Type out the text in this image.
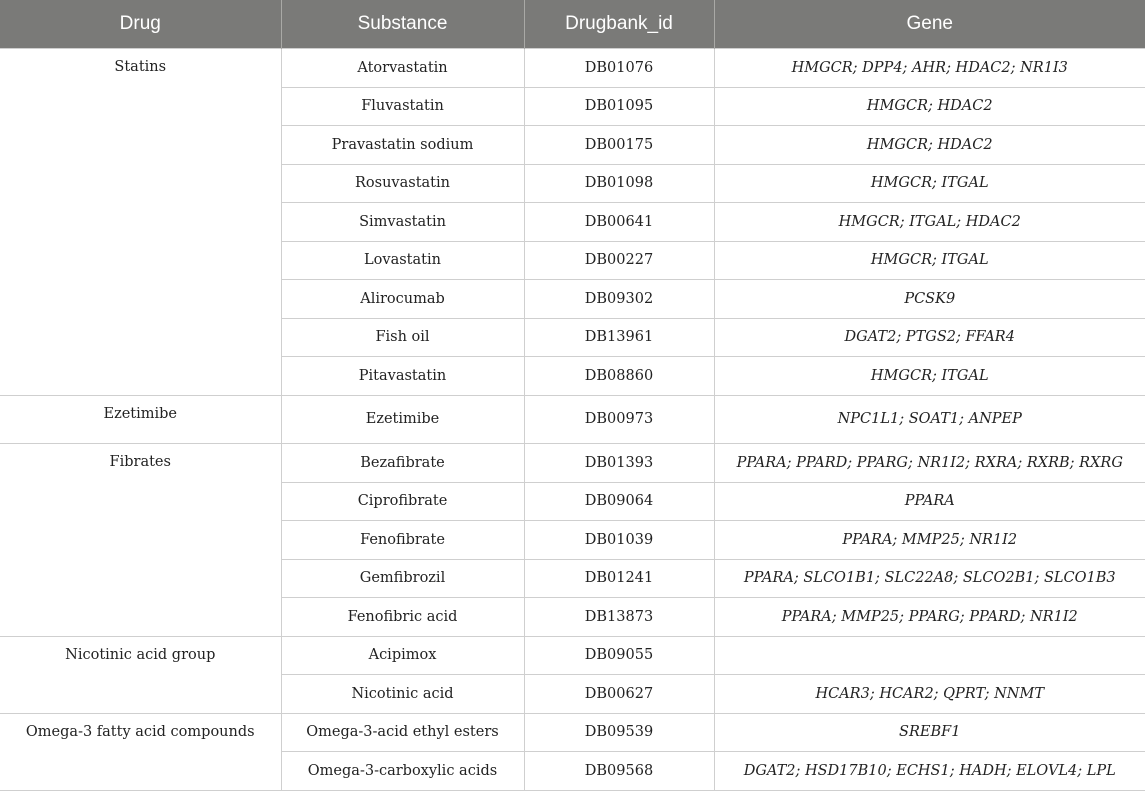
Drug	Substance	Drugbank_id	Gene
Statins	Atorvastatin	DB01076	HMGCR; DPP4; AHR; HDAC2; NR1I3
	Fluvastatin	DB01095	HMGCR; HDAC2
	Pravastatin sodium	DB00175	HMGCR; HDAC2
	Rosuvastatin	DB01098	HMGCR; ITGAL
	Simvastatin	DB00641	HMGCR; ITGAL; HDAC2
	Lovastatin	DB00227	HMGCR; ITGAL
	Alirocumab	DB09302	PCSK9
	Fish oil	DB13961	DGAT2; PTGS2; FFAR4
	Pitavastatin	DB08860	HMGCR; ITGAL
Ezetimibe	Ezetimibe	DB00973	NPC1L1; SOAT1; ANPEP
Fibrates	Bezafibrate	DB01393	PPARA; PPARD; PPARG; NR1I2; RXRA; RXRB; RXRG
	Ciprofibrate	DB09064	PPARA
	Fenofibrate	DB01039	PPARA; MMP25; NR1I2
	Gemfibrozil	DB01241	PPARA; SLCO1B1; SLC22A8; SLCO2B1; SLCO1B3
	Fenofibric acid	DB13873	PPARA; MMP25; PPARG; PPARD; NR1I2
Nicotinic acid group	Acipimox	DB09055	
	Nicotinic acid	DB00627	HCAR3; HCAR2; QPRT; NNMT
Omega-3 fatty acid compounds	Omega-3-acid ethyl esters	DB09539	SREBF1
	Omega-3-carboxylic acids	DB09568	DGAT2; HSD17B10; ECHS1; HADH; ELOVL4; LPL
